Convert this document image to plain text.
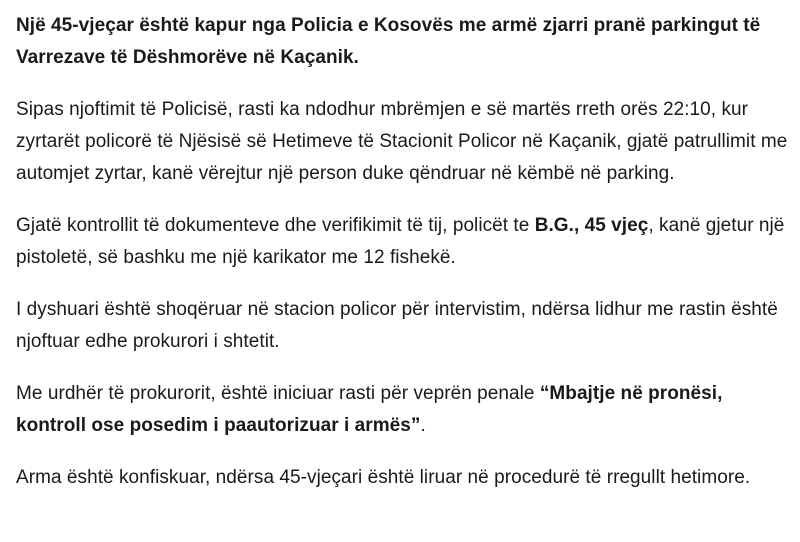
Një 45-vjeçar është kapur nga Policia e Kosovës me armë zjarri pranë parkingut të Varrezave të Dëshmorëve në Kaçanik.

Sipas njoftimit të Policisë, rasti ka ndodhur mbrëmjen e së martës rreth orës 22:10, kur zyrtarët policorë të Njësisë së Hetimeve të Stacionit Policor në Kaçanik, gjatë patrullimit me automjet zyrtar, kanë vërejtur një person duke qëndruar në këmbë në parking.

Gjatë kontrollit të dokumenteve dhe verifikimit të tij, policët te B.G., 45 vjeç, kanë gjetur një pistoletë, së bashku me një karikator me 12 fishekë.

I dyshuari është shoqëruar në stacion policor për intervistim, ndërsa lidhur me rastin është njoftuar edhe prokurori i shtetit.

Me urdhër të prokurorit, është iniciuar rasti për veprën penale “Mbajtje në pronësi, kontroll ose posedim i paautorizuar i armës”.

Arma është konfiskuar, ndërsa 45-vjeçari është liruar në procedurë të rregullt hetimore.
